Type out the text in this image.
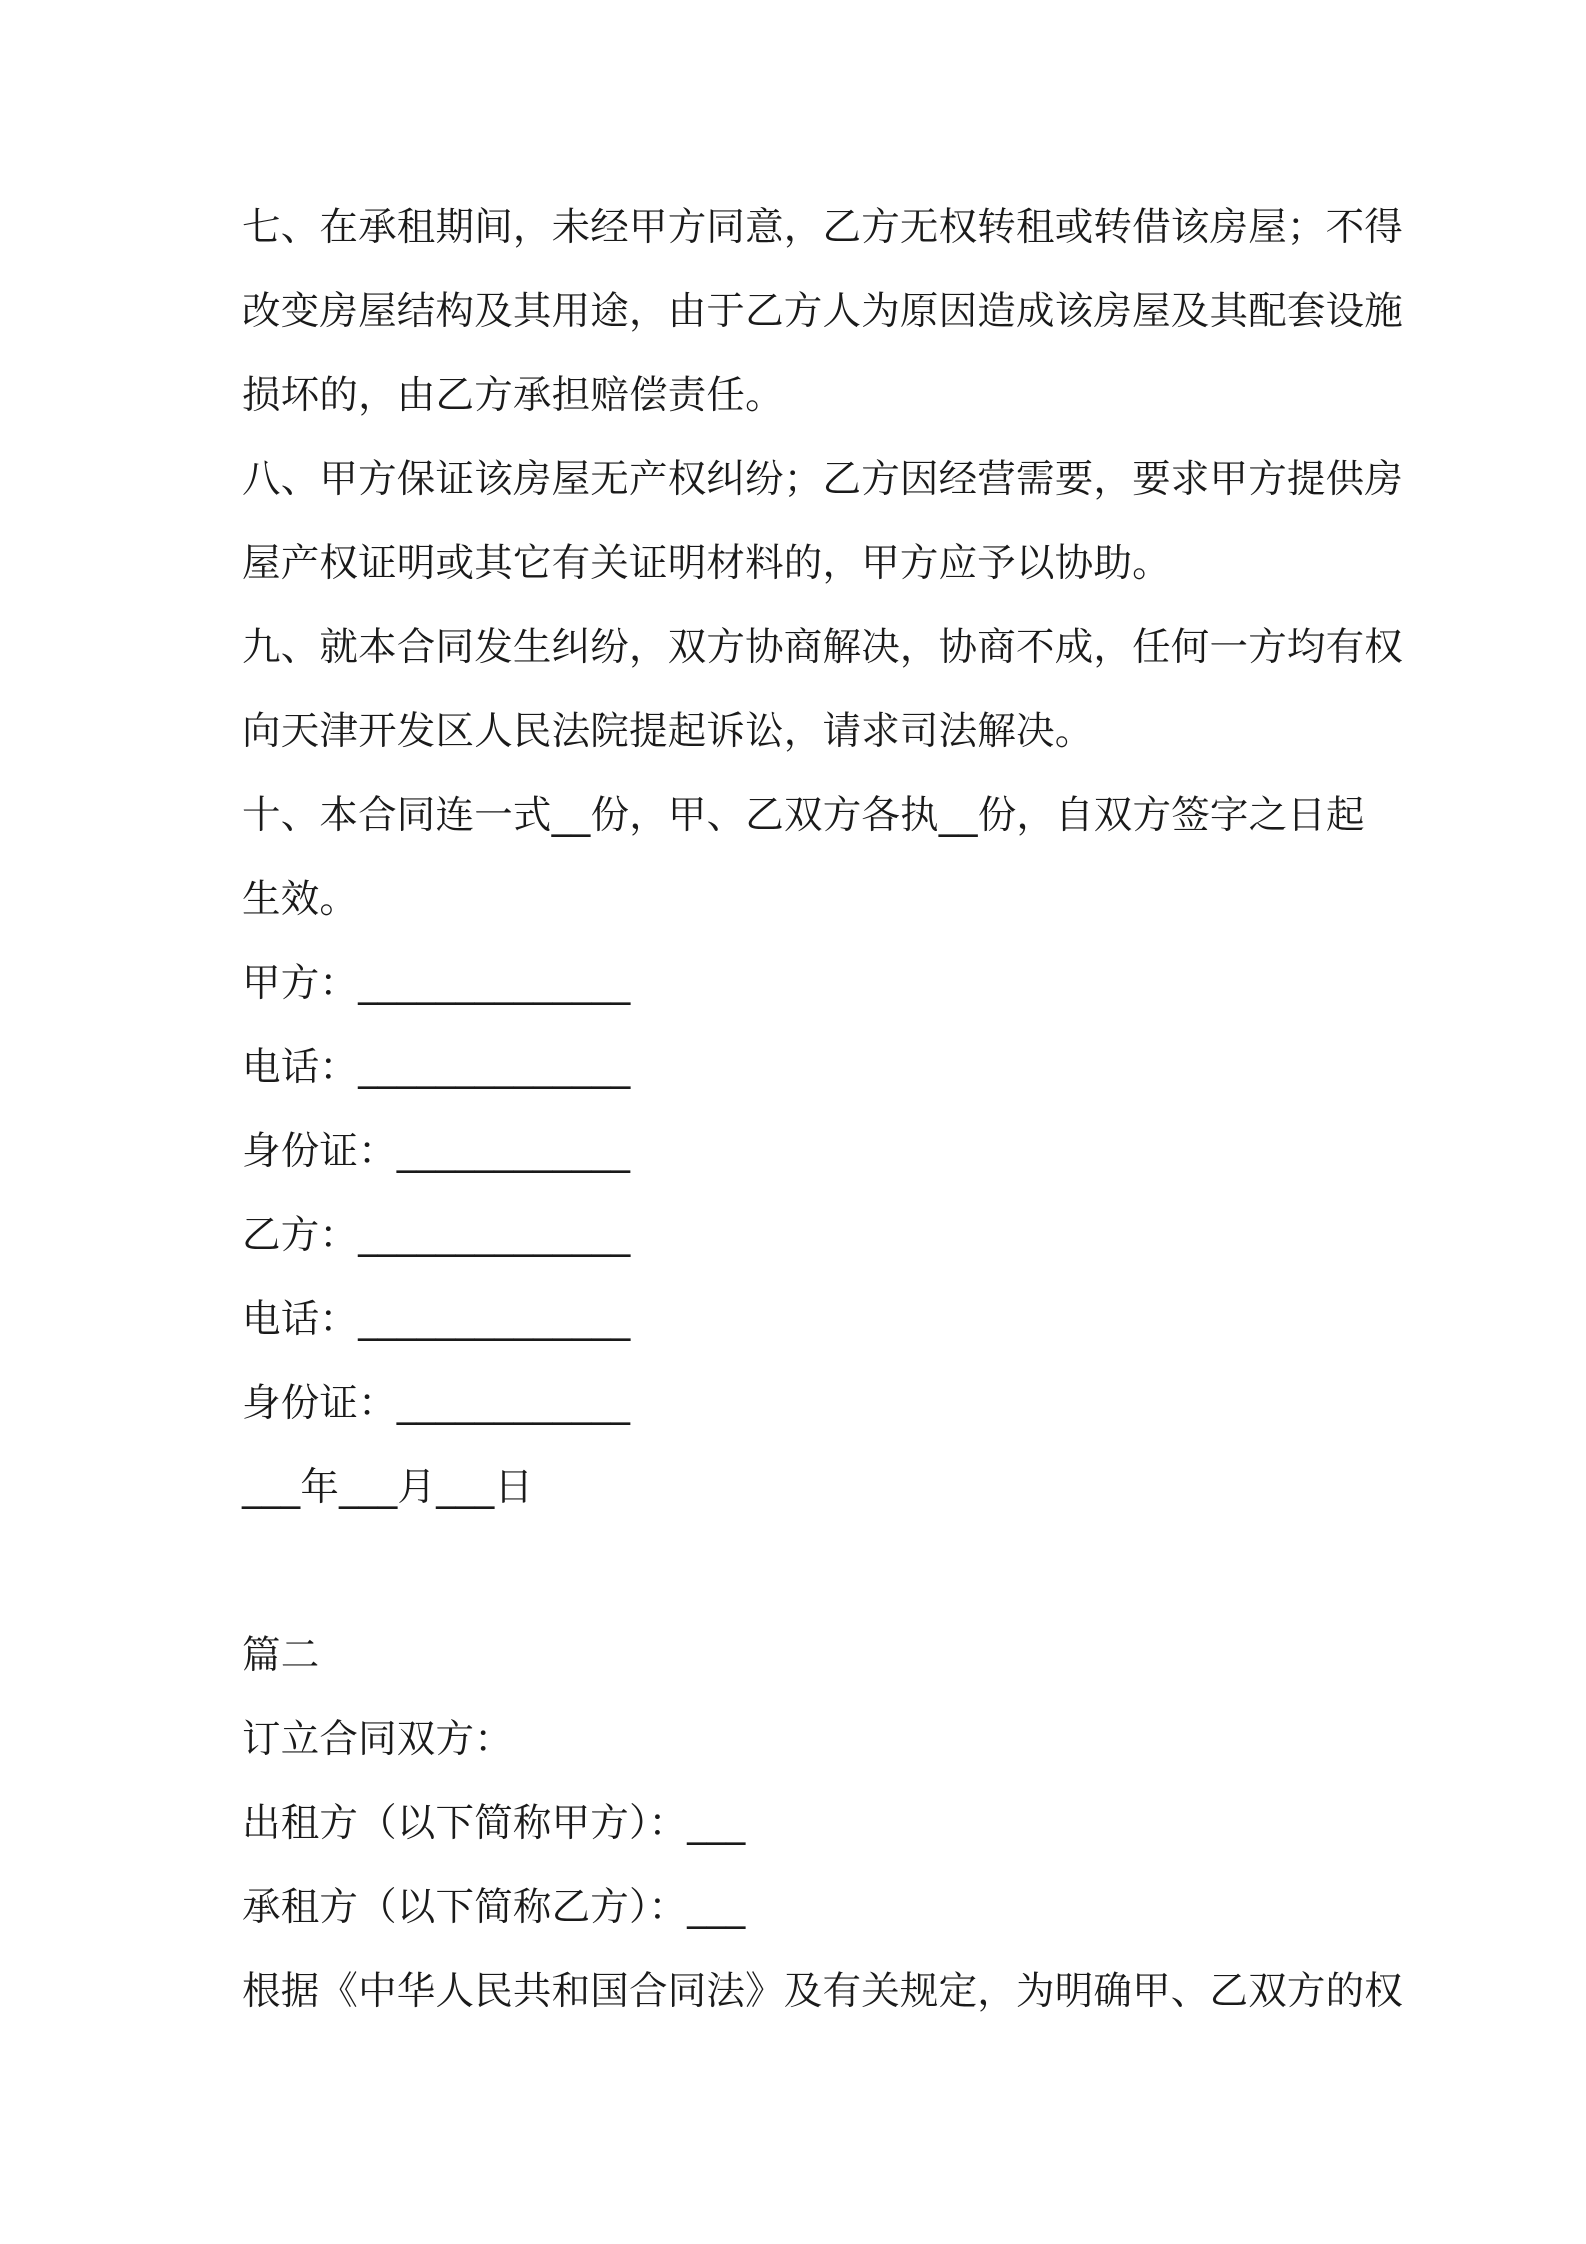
七、在承租期间，未经甲方同意，乙方无权转租或转借该房屋；不得
改变房屋结构及其用途，由于乙方人为原因造成该房屋及其配套设施
损坏的，由乙方承担赔偿责任。
八、甲方保证该房屋无产权纠纷；乙方因经营需要，要求甲方提供房
屋产权证明或其它有关证明材料的，甲方应予以协助。
九、就本合同发生纠纷，双方协商解决，协商不成，任何一方均有权
向天津开发区人民法院提起诉讼，请求司法解决。
十、本合同连一式__份，甲、乙双方各执__份，自双方签字之日起
生效。
甲方：______________
电话：______________
身份证：____________
乙方：______________
电话：______________
身份证：____________
___年___月___日
篇二
订立合同双方：
出租方（以下简称甲方）：___
承租方（以下简称乙方）：___
根据《中华人民共和国合同法》及有关规定，为明确甲、乙双方的权
